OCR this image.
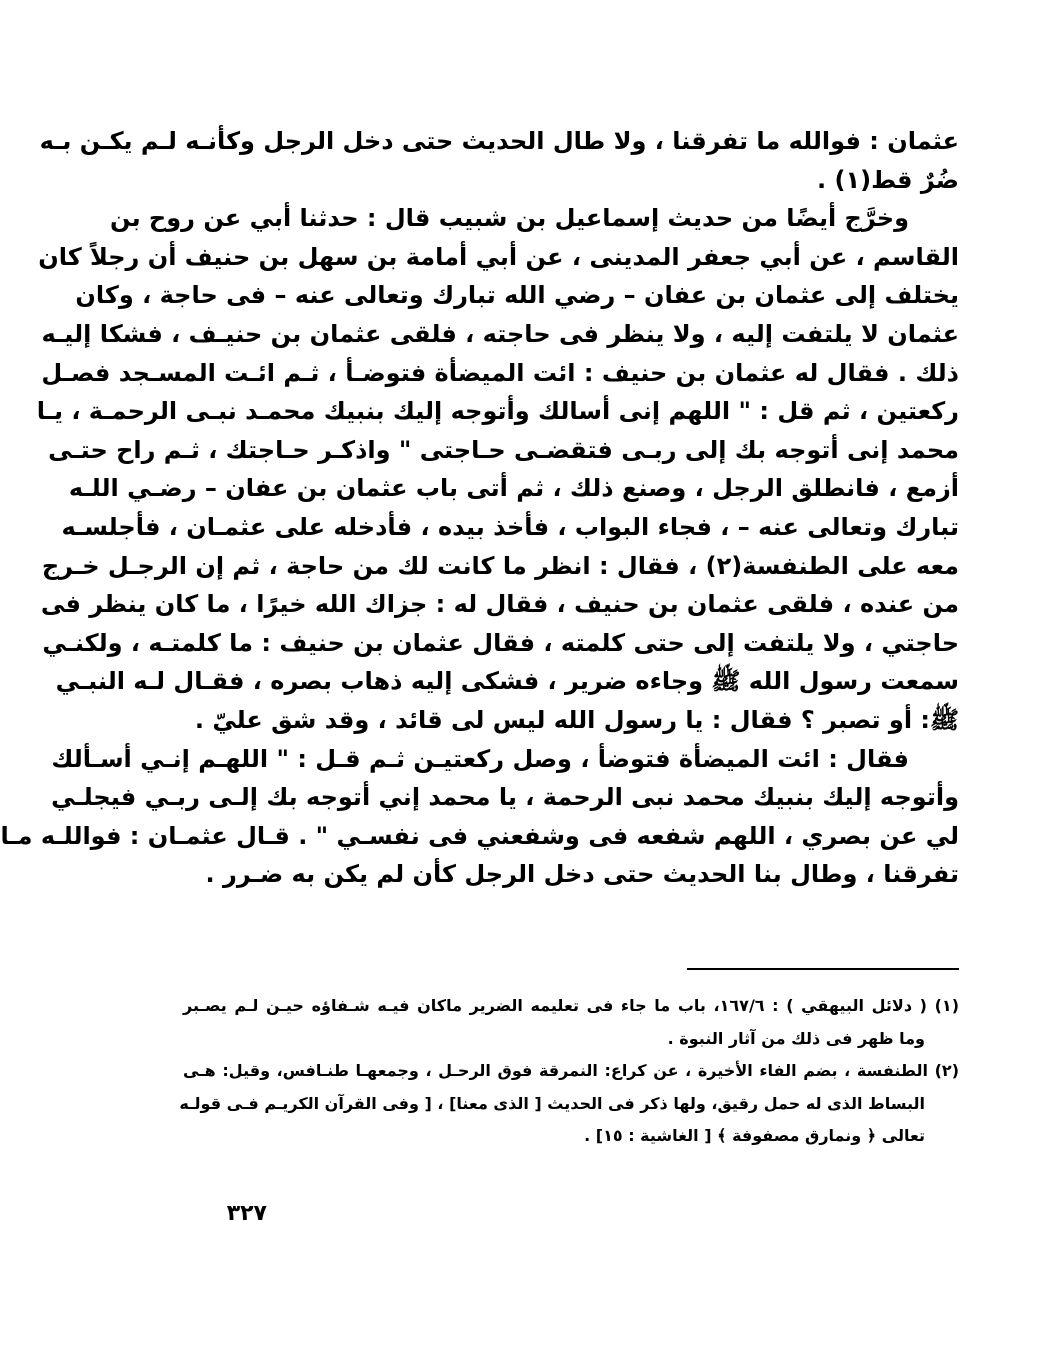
عثمان : فوالله ما تفرقنا ، ولا طال الحديث حتى دخل الرجل وكأنـه لـم يكـن بـه
ضُرٌ قط(١) .
وخرَّج أيضًا من حديث إسماعيل بن شبيب قال : حدثنا أبي عن روح بن
القاسم ، عن أبي جعفر المدينى ، عن أبي أمامة بن سهل بن حنيف أن رجلاً كان
يختلف إلى عثمان بن عفان – رضي الله تبارك وتعالى عنه – فى حاجة ، وكان
عثمان لا يلتفت إليه ، ولا ينظر فى حاجته ، فلقى عثمان بن حنيـف ، فشكا إليـه
ذلك . فقال له عثمان بن حنيف : ائت الميضأة فتوضـأ ، ثـم ائـت المسـجد فصـل
ركعتين ، ثم قل : " اللهم إنى أسالك وأتوجه إليك بنبيك محمـد نبـى الرحمـة ، يـا
محمد إنى أتوجه بك إلى ربـى فتقضـى حـاجتى " واذكـر حـاجتك ، ثـم راح حتـى
أزمع ، فانطلق الرجل ، وصنع ذلك ، ثم أتى باب عثمان بن عفان – رضـي اللـه
تبارك وتعالى عنه – ، فجاء البواب ، فأخذ بيده ، فأدخله على عثمـان ، فأجلسـه
معه على الطنفسة(٢) ، فقال : انظر ما كانت لك من حاجة ، ثم إن الرجـل خـرج
من عنده ، فلقى عثمان بن حنيف ، فقال له : جزاك الله خيرًا ، ما كان ينظر فى
حاجتي ، ولا يلتفت إلى حتى كلمته ، فقال عثمان بن حنيف : ما كلمتـه ، ولكنـي
سمعت رسول الله ﷺ وجاءه ضرير ، فشكى إليه ذهاب بصره ، فقـال لـه النبـي
ﷺ: أو تصبر ؟ فقال : يا رسول الله ليس لى قائد ، وقد شق عليّ .
فقال : ائت الميضأة فتوضأ ، وصل ركعتيـن ثـم قـل : " اللهـم إنـي أسـألك
وأتوجه إليك بنبيك محمد نبى الرحمة ، يا محمد إني أتوجه بك إلـى ربـي فيجلـي
لي عن بصري ، اللهم شفعه فى وشفعني فى نفسـي " . قـال عثمـان : فواللـه مـا
تفرقنا ، وطال بنا الحديث حتى دخل الرجل كأن لم يكن به ضـرر .
(١) ( دلائل البيهقي ) : ١٦٧/٦، باب ما جاء فى تعليمه الضرير ماكان فيـه شـفاؤه حيـن لـم يصـبر
وما ظهر فى ذلك من آثار النبوة .
(٢) الطنفسة ، بضم الفاء الأخيرة ، عن كراع: النمرقة فوق الرحـل ، وجمعهـا طنـافس، وقيل: هـى
البساط الذى له حمل رقيق، ولها ذكر فى الحديث [ الذى معنا] ، [ وفى القرآن الكريـم فـى قولـه
تعالى ﴿ ونمارق مصفوفة ﴾ [ الغاشية : ١٥] .
٣٢٧
